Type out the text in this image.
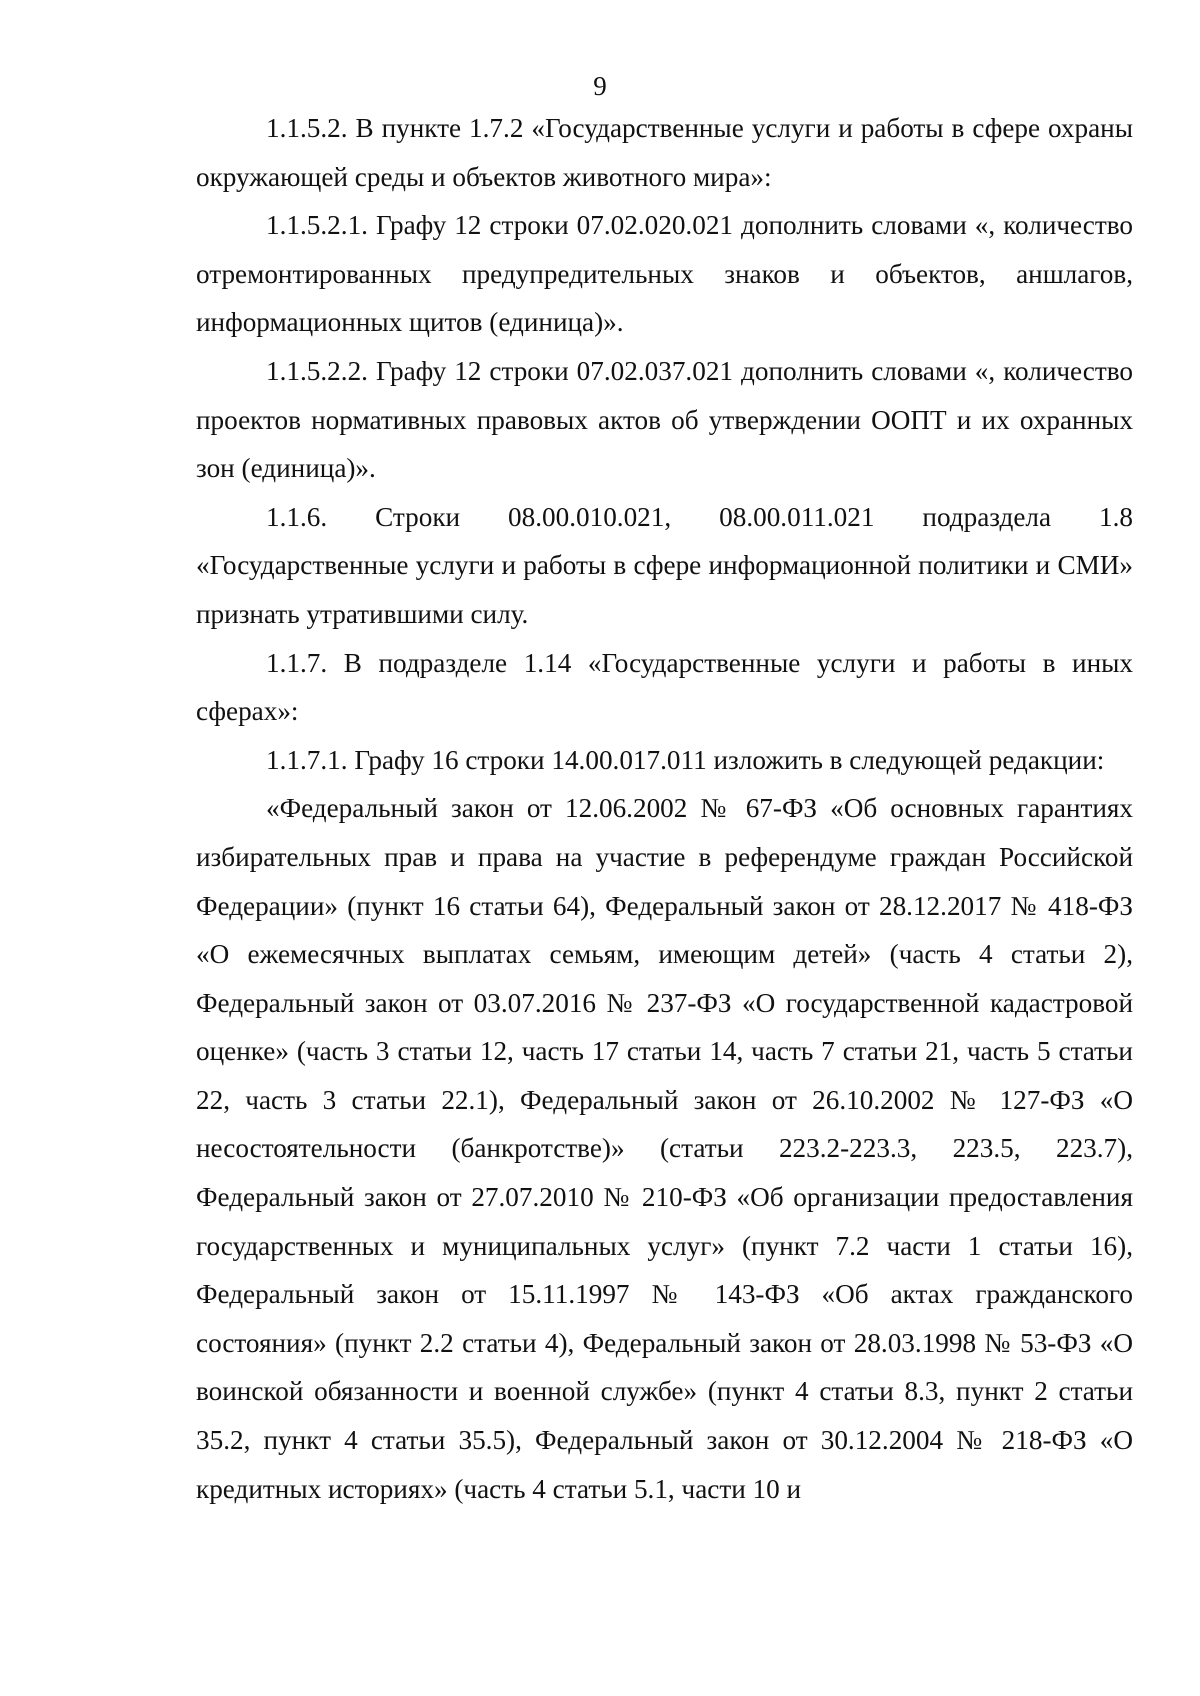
9

1.1.5.2. В пункте 1.7.2 «Государственные услуги и работы в сфере охраны окружающей среды и объектов животного мира»:

1.1.5.2.1. Графу 12 строки 07.02.020.021 дополнить словами «, количество отремонтированных предупредительных знаков и объектов, аншлагов, информационных щитов (единица)».

1.1.5.2.2. Графу 12 строки 07.02.037.021 дополнить словами «, количество проектов нормативных правовых актов об утверждении ООПТ и их охранных зон (единица)».

1.1.6. Строки 08.00.010.021, 08.00.011.021 подраздела 1.8 «Государственные услуги и работы в сфере информационной политики и СМИ» признать утратившими силу.

1.1.7. В подразделе 1.14 «Государственные услуги и работы в иных сферах»:

1.1.7.1. Графу 16 строки 14.00.017.011 изложить в следующей редакции:

«Федеральный закон от 12.06.2002 № 67-ФЗ «Об основных гарантиях избирательных прав и права на участие в референдуме граждан Российской Федерации» (пункт 16 статьи 64), Федеральный закон от 28.12.2017 № 418-ФЗ «О ежемесячных выплатах семьям, имеющим детей» (часть 4 статьи 2), Федеральный закон от 03.07.2016 № 237-ФЗ «О государственной кадастровой оценке» (часть 3 статьи 12, часть 17 статьи 14, часть 7 статьи 21, часть 5 статьи 22, часть 3 статьи 22.1), Федеральный закон от 26.10.2002 № 127-ФЗ «О несостоятельности (банкротстве)» (статьи 223.2-223.3, 223.5, 223.7), Федеральный закон от 27.07.2010 № 210-ФЗ «Об организации предоставления государственных и муниципальных услуг» (пункт 7.2 части 1 статьи 16), Федеральный закон от 15.11.1997 № 143-ФЗ «Об актах гражданского состояния» (пункт 2.2 статьи 4), Федеральный закон от 28.03.1998 № 53-ФЗ «О воинской обязанности и военной службе» (пункт 4 статьи 8.3, пункт 2 статьи 35.2, пункт 4 статьи 35.5), Федеральный закон от 30.12.2004 № 218-ФЗ «О кредитных историях» (часть 4 статьи 5.1, части 10 и
